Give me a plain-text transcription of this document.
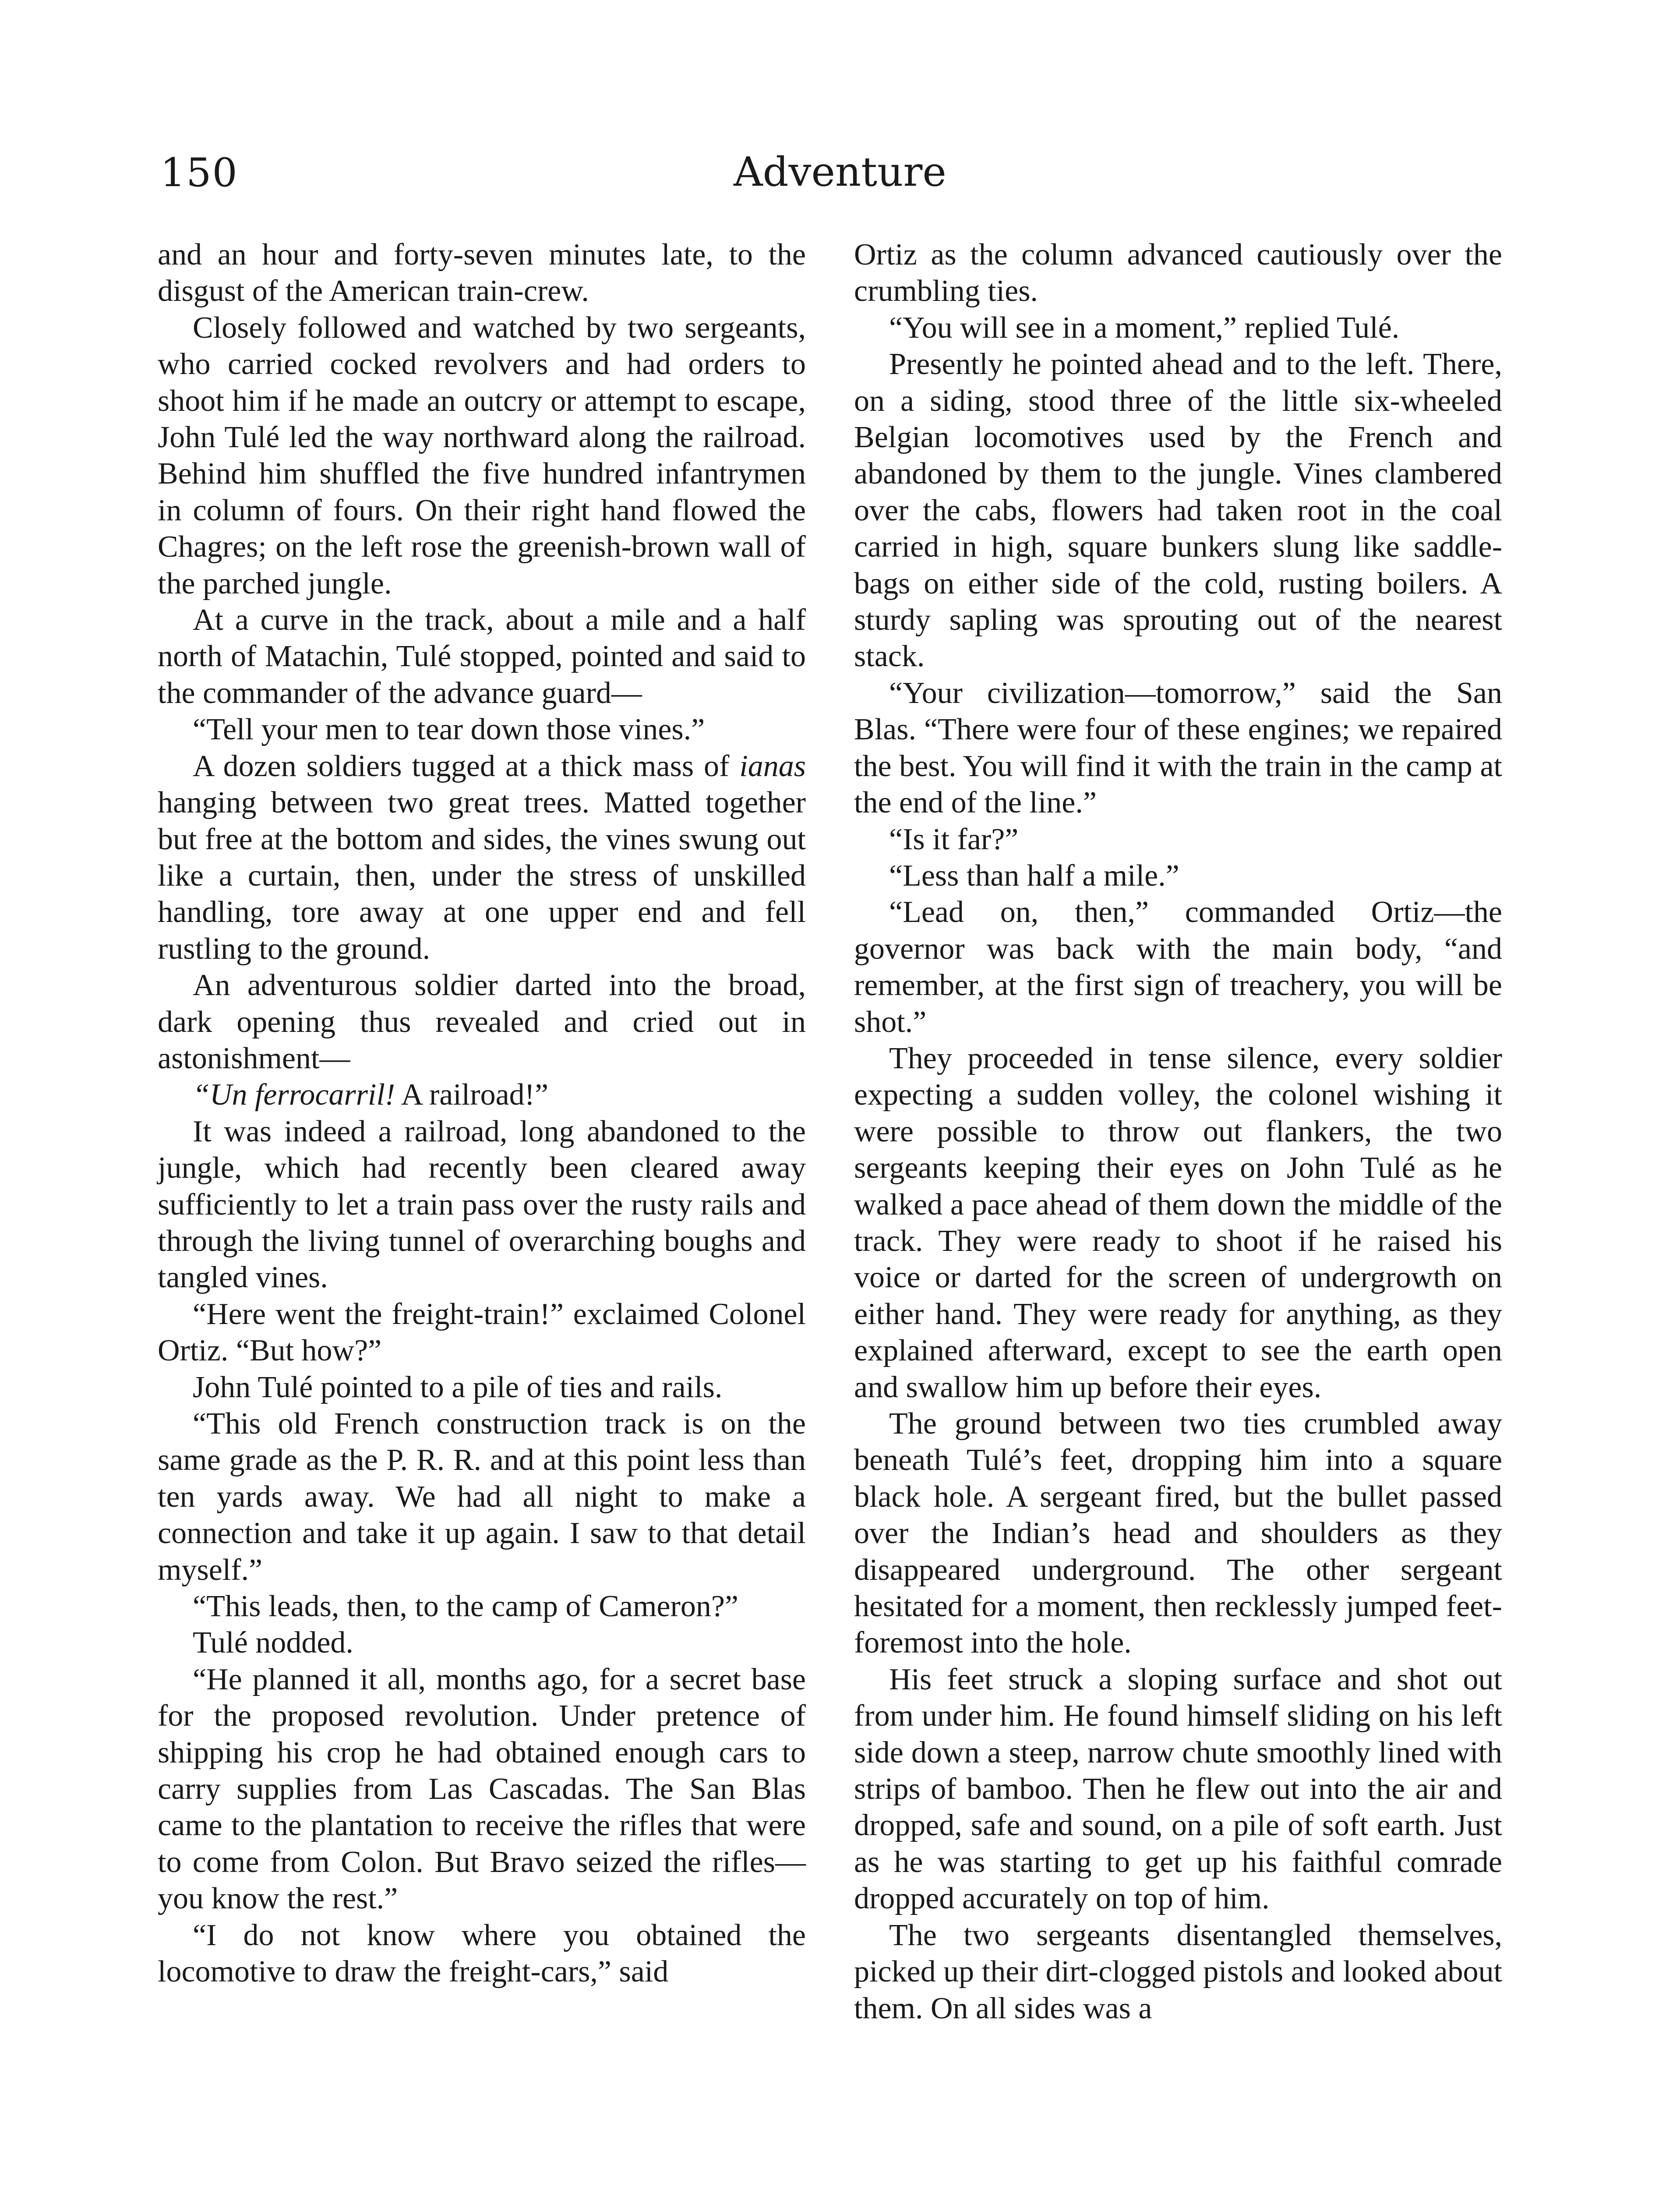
150	Adventure

and an hour and forty-seven minutes late, to the disgust of the American train-crew.

Closely followed and watched by two sergeants, who carried cocked revolvers and had orders to shoot him if he made an outcry or attempt to escape, John Tulé led the way northward along the railroad. Behind him shuffled the five hundred infantrymen in column of fours. On their right hand flowed the Chagres; on the left rose the greenish-brown wall of the parched jungle.

At a curve in the track, about a mile and a half north of Matachin, Tulé stopped, pointed and said to the commander of the advance guard—

“Tell your men to tear down those vines.”

A dozen soldiers tugged at a thick mass of ianas hanging between two great trees. Matted together but free at the bottom and sides, the vines swung out like a curtain, then, under the stress of unskilled handling, tore away at one upper end and fell rustling to the ground.

An adventurous soldier darted into the broad, dark opening thus revealed and cried out in astonishment—

“Un ferrocarril! A railroad!”

It was indeed a railroad, long abandoned to the jungle, which had recently been cleared away sufficiently to let a train pass over the rusty rails and through the living tunnel of overarching boughs and tangled vines.

“Here went the freight-train!” exclaimed Colonel Ortiz. “But how?”

John Tulé pointed to a pile of ties and rails.

“This old French construction track is on the same grade as the P. R. R. and at this point less than ten yards away. We had all night to make a connection and take it up again. I saw to that detail myself.”

“This leads, then, to the camp of Cameron?”

Tulé nodded.

“He planned it all, months ago, for a secret base for the proposed revolution. Under pretence of shipping his crop he had obtained enough cars to carry supplies from Las Cascadas. The San Blas came to the plantation to receive the rifles that were to come from Colon. But Bravo seized the rifles—you know the rest.”

“I do not know where you obtained the locomotive to draw the freight-cars,” said

Ortiz as the column advanced cautiously over the crumbling ties.

“You will see in a moment,” replied Tulé.

Presently he pointed ahead and to the left. There, on a siding, stood three of the little six-wheeled Belgian locomotives used by the French and abandoned by them to the jungle. Vines clambered over the cabs, flowers had taken root in the coal carried in high, square bunkers slung like saddle-bags on either side of the cold, rusting boilers. A sturdy sapling was sprouting out of the nearest stack.

“Your civilization—tomorrow,” said the San Blas. “There were four of these engines; we repaired the best. You will find it with the train in the camp at the end of the line.”

“Is it far?”

“Less than half a mile.”

“Lead on, then,” commanded Ortiz—the governor was back with the main body, “and remember, at the first sign of treachery, you will be shot.”

They proceeded in tense silence, every soldier expecting a sudden volley, the colonel wishing it were possible to throw out flankers, the two sergeants keeping their eyes on John Tulé as he walked a pace ahead of them down the middle of the track. They were ready to shoot if he raised his voice or darted for the screen of undergrowth on either hand. They were ready for anything, as they explained afterward, except to see the earth open and swallow him up before their eyes.

The ground between two ties crumbled away beneath Tulé’s feet, dropping him into a square black hole. A sergeant fired, but the bullet passed over the Indian’s head and shoulders as they disappeared underground. The other sergeant hesitated for a moment, then recklessly jumped feet-foremost into the hole.

His feet struck a sloping surface and shot out from under him. He found himself sliding on his left side down a steep, narrow chute smoothly lined with strips of bamboo. Then he flew out into the air and dropped, safe and sound, on a pile of soft earth. Just as he was starting to get up his faithful comrade dropped accurately on top of him.

The two sergeants disentangled themselves, picked up their dirt-clogged pistols and looked about them. On all sides was a
